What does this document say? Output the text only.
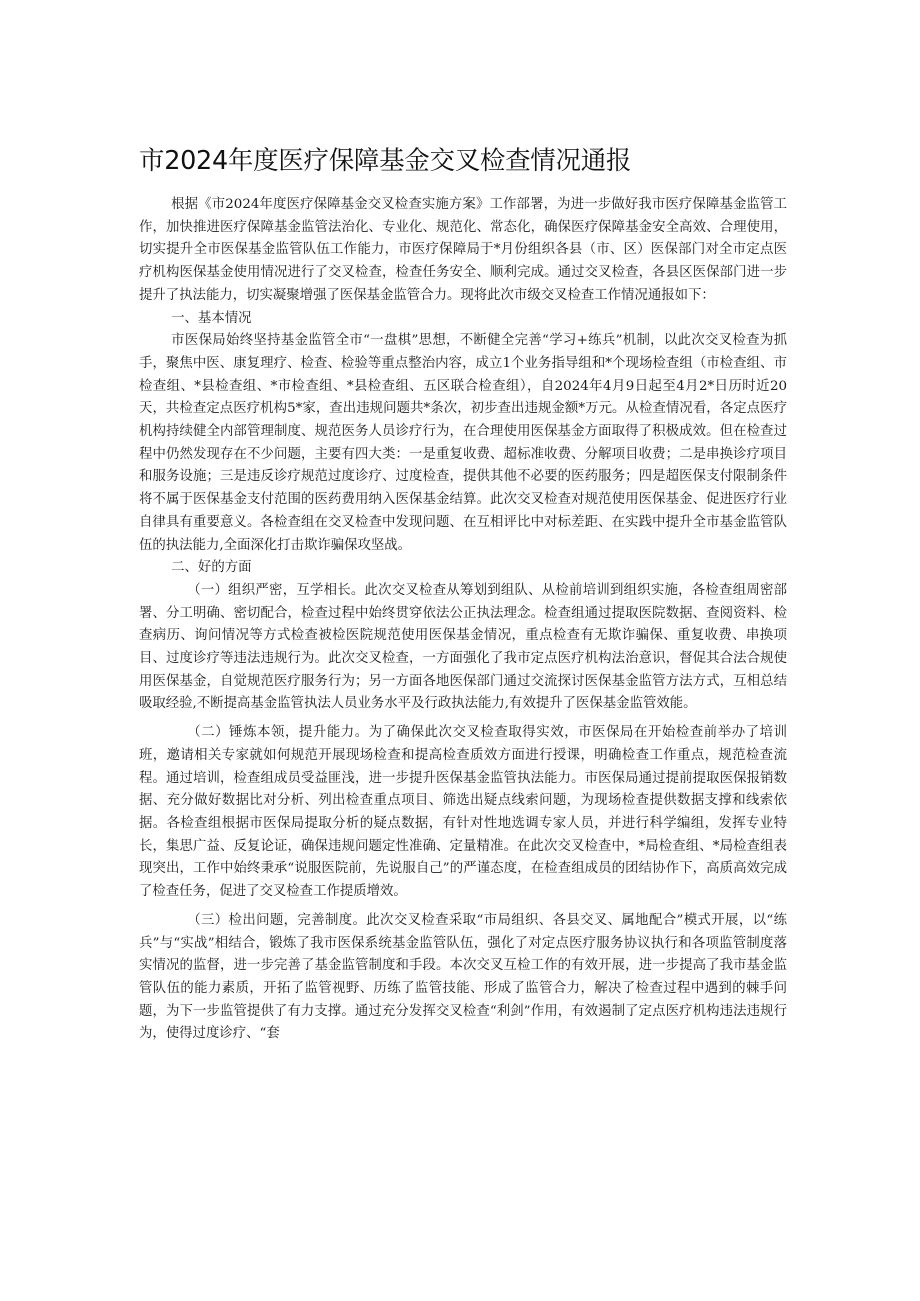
市2024年度医疗保障基金交叉检查情况通报

根据《市2024年度医疗保障基金交叉检查实施方案》工作部署，为进一步做好我市医疗保障基金监管工作，加快推进医疗保障基金监管法治化、专业化、规范化、常态化，确保医疗保障基金安全高效、合理使用，切实提升全市医保基金监管队伍工作能力，市医疗保障局于*月份组织各县（市、区）医保部门对全市定点医疗机构医保基金使用情况进行了交叉检查，检查任务安全、顺利完成。通过交叉检查，各县区医保部门进一步提升了执法能力，切实凝聚增强了医保基金监管合力。现将此次市级交叉检查工作情况通报如下：

一、基本情况

市医保局始终坚持基金监管全市“一盘棋”思想，不断健全完善“学习+练兵”机制，以此次交叉检查为抓手，聚焦中医、康复理疗、检查、检验等重点整治内容，成立1个业务指导组和*个现场检查组（市检查组、市检查组、*县检查组、*市检查组、*县检查组、五区联合检查组），自2024年4月9日起至4月2*日历时近20天，共检查定点医疗机构5*家，查出违规问题共*条次，初步查出违规金额*万元。从检查情况看，各定点医疗机构持续健全内部管理制度、规范医务人员诊疗行为，在合理使用医保基金方面取得了积极成效。但在检查过程中仍然发现存在不少问题，主要有四大类：一是重复收费、超标准收费、分解项目收费；二是串换诊疗项目和服务设施；三是违反诊疗规范过度诊疗、过度检查，提供其他不必要的医药服务；四是超医保支付限制条件将不属于医保基金支付范围的医药费用纳入医保基金结算。此次交叉检查对规范使用医保基金、促进医疗行业自律具有重要意义。各检查组在交叉检查中发现问题、在互相评比中对标差距、在实践中提升全市基金监管队伍的执法能力,全面深化打击欺诈骗保攻坚战。

二、好的方面

（一）组织严密，互学相长。此次交叉检查从筹划到组队、从检前培训到组织实施，各检查组周密部署、分工明确、密切配合，检查过程中始终贯穿依法公正执法理念。检查组通过提取医院数据、查阅资料、检查病历、询问情况等方式检查被检医院规范使用医保基金情况，重点检查有无欺诈骗保、重复收费、串换项目、过度诊疗等违法违规行为。此次交叉检查，一方面强化了我市定点医疗机构法治意识，督促其合法合规使用医保基金，自觉规范医疗服务行为；另一方面各地医保部门通过交流探讨医保基金监管方法方式，互相总结吸取经验,不断提高基金监管执法人员业务水平及行政执法能力,有效提升了医保基金监管效能。

（二）锤炼本领，提升能力。为了确保此次交叉检查取得实效，市医保局在开始检查前举办了培训班，邀请相关专家就如何规范开展现场检查和提高检查质效方面进行授课，明确检查工作重点，规范检查流程。通过培训，检查组成员受益匪浅，进一步提升医保基金监管执法能力。市医保局通过提前提取医保报销数据、充分做好数据比对分析、列出检查重点项目、筛选出疑点线索问题，为现场检查提供数据支撑和线索依据。各检查组根据市医保局提取分析的疑点数据，有针对性地选调专家人员，并进行科学编组，发挥专业特长，集思广益、反复论证，确保违规问题定性准确、定量精准。在此次交叉检查中，*局检查组、*局检查组表现突出，工作中始终秉承“说服医院前，先说服自己”的严谨态度，在检查组成员的团结协作下，高质高效完成了检查任务，促进了交叉检查工作提质增效。

（三）检出问题，完善制度。此次交叉检查采取“市局组织、各县交叉、属地配合”模式开展，以“练兵”与“实战”相结合，锻炼了我市医保系统基金监管队伍，强化了对定点医疗服务协议执行和各项监管制度落实情况的监督，进一步完善了基金监管制度和手段。本次交叉互检工作的有效开展，进一步提高了我市基金监管队伍的能力素质，开拓了监管视野、历练了监管技能、形成了监管合力，解决了检查过程中遇到的棘手问题，为下一步监管提供了有力支撑。通过充分发挥交叉检查“利剑”作用，有效遏制了定点医疗机构违法违规行为，使得过度诊疗、“套
